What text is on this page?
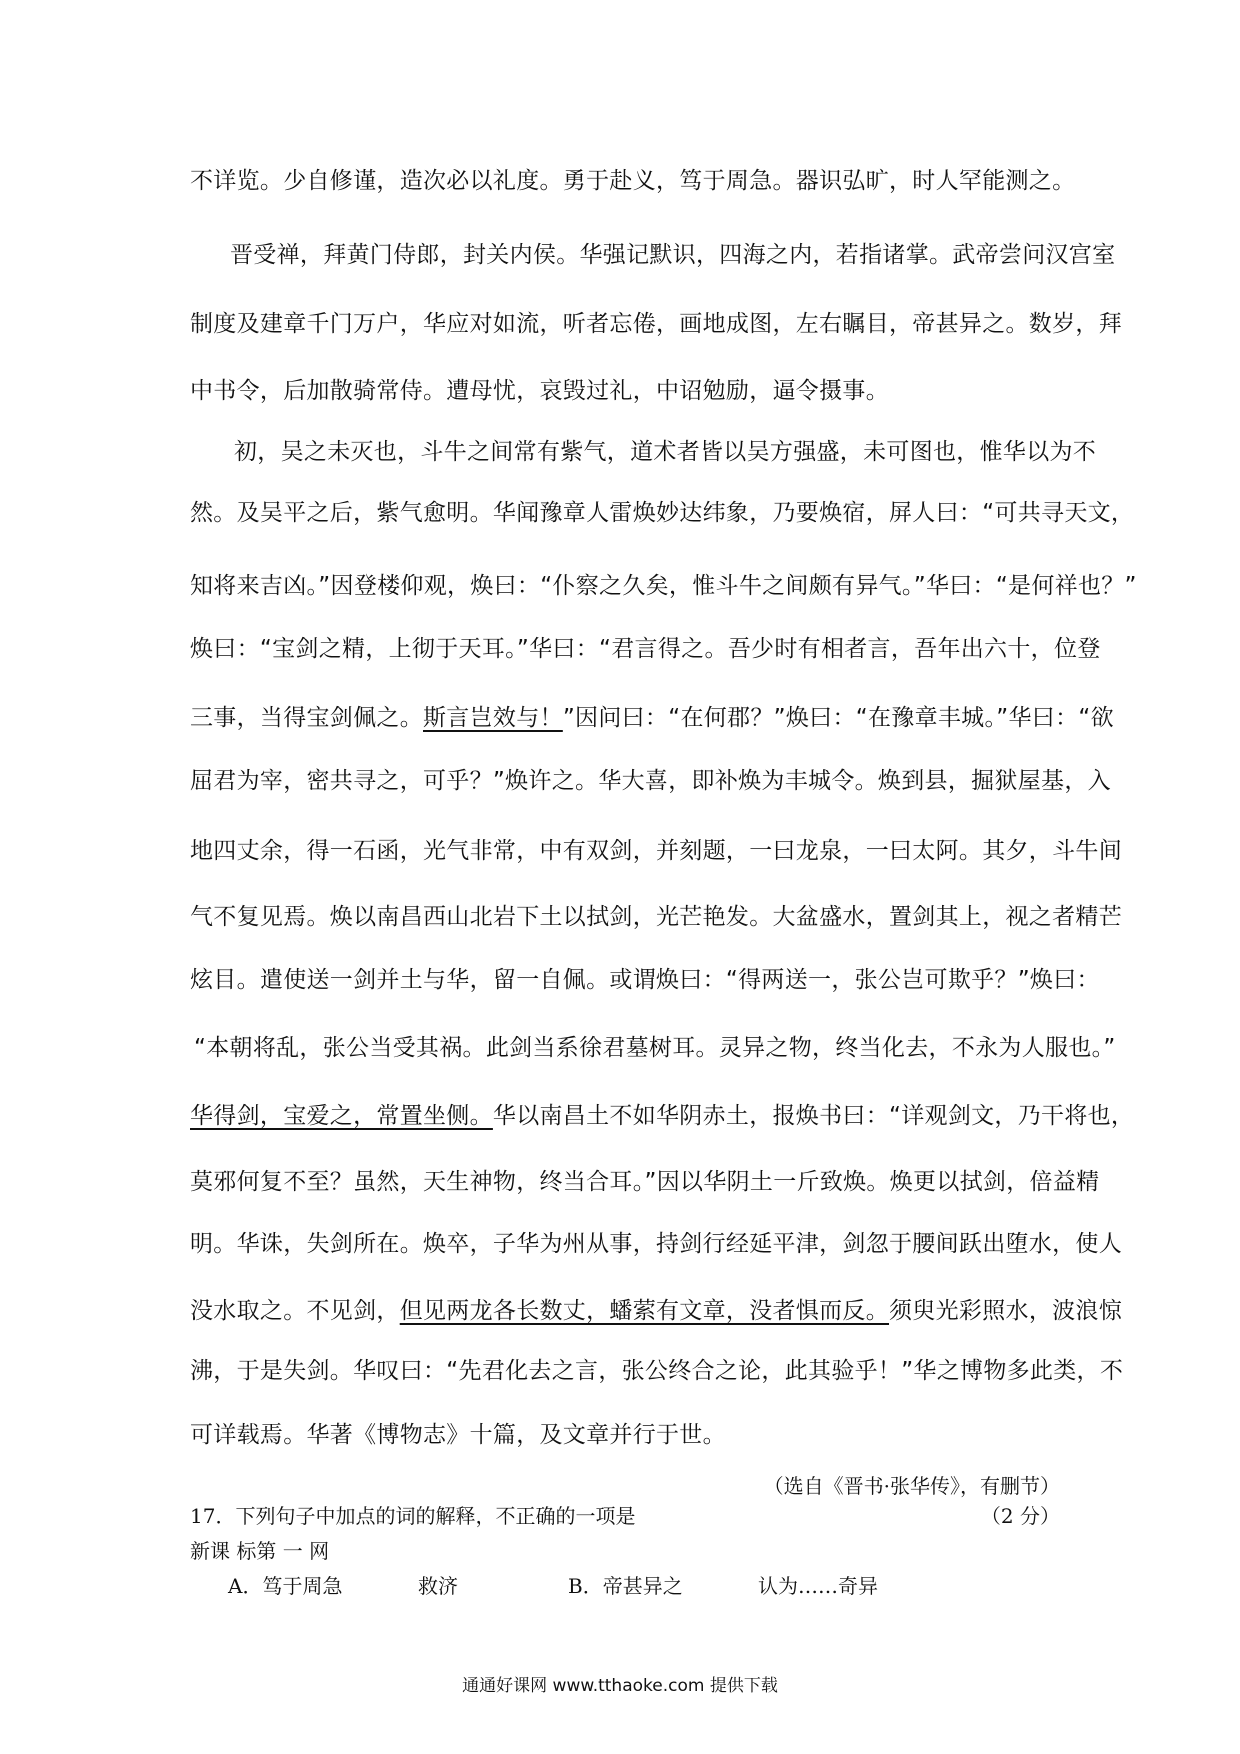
不详览。少自修谨，造次必以礼度。勇于赴义，笃于周急。器识弘旷，时人罕能测之。
晋受禅，拜黄门侍郎，封关内侯。华强记默识，四海之内，若指诸掌。武帝尝问汉宫室
制度及建章千门万户，华应对如流，听者忘倦，画地成图，左右瞩目，帝甚异之。数岁，拜
中书令，后加散骑常侍。遭母忧，哀毁过礼，中诏勉励，逼令摄事。
初，吴之未灭也，斗牛之间常有紫气，道术者皆以吴方强盛，未可图也，惟华以为不
然。及吴平之后，紫气愈明。华闻豫章人雷焕妙达纬象，乃要焕宿，屏人曰：“可共寻天文，
知将来吉凶。”因登楼仰观，焕曰：“仆察之久矣，惟斗牛之间颇有异气。”华曰：“是何祥也？”
焕曰：“宝剑之精，上彻于天耳。”华曰：“君言得之。吾少时有相者言，吾年出六十，位登
三事，当得宝剑佩之。斯言岂效与！”因问曰：“在何郡？”焕曰：“在豫章丰城。”华曰：“欲
屈君为宰，密共寻之，可乎？”焕许之。华大喜，即补焕为丰城令。焕到县，掘狱屋基，入
地四丈余，得一石函，光气非常，中有双剑，并刻题，一曰龙泉，一曰太阿。其夕，斗牛间
气不复见焉。焕以南昌西山北岩下土以拭剑，光芒艳发。大盆盛水，置剑其上，视之者精芒
炫目。遣使送一剑并土与华，留一自佩。或谓焕曰：“得两送一，张公岂可欺乎？”焕曰：
“本朝将乱，张公当受其祸。此剑当系徐君墓树耳。灵异之物，终当化去，不永为人服也。”
华得剑，宝爱之，常置坐侧。华以南昌土不如华阴赤土，报焕书曰：“详观剑文，乃干将也，
莫邪何复不至？虽然，天生神物，终当合耳。”因以华阴土一斤致焕。焕更以拭剑，倍益精
明。华诛，失剑所在。焕卒，子华为州从事，持剑行经延平津，剑忽于腰间跃出堕水，使人
没水取之。不见剑，但见两龙各长数丈，蟠萦有文章，没者惧而反。须臾光彩照水，波浪惊
沸，于是失剑。华叹曰：“先君化去之言，张公终合之论，此其验乎！”华之博物多此类，不
可详载焉。华著《博物志》十篇，及文章并行于世。
（选自《晋书·张华传》，有删节）
17．下列句子中加点的词的解释，不正确的一项是	（2 分）
新课 标第 一 网
A．笃于周急	救济	B．帝甚异之	认为……奇异
通通好课网 www.tthaoke.com 提供下载
